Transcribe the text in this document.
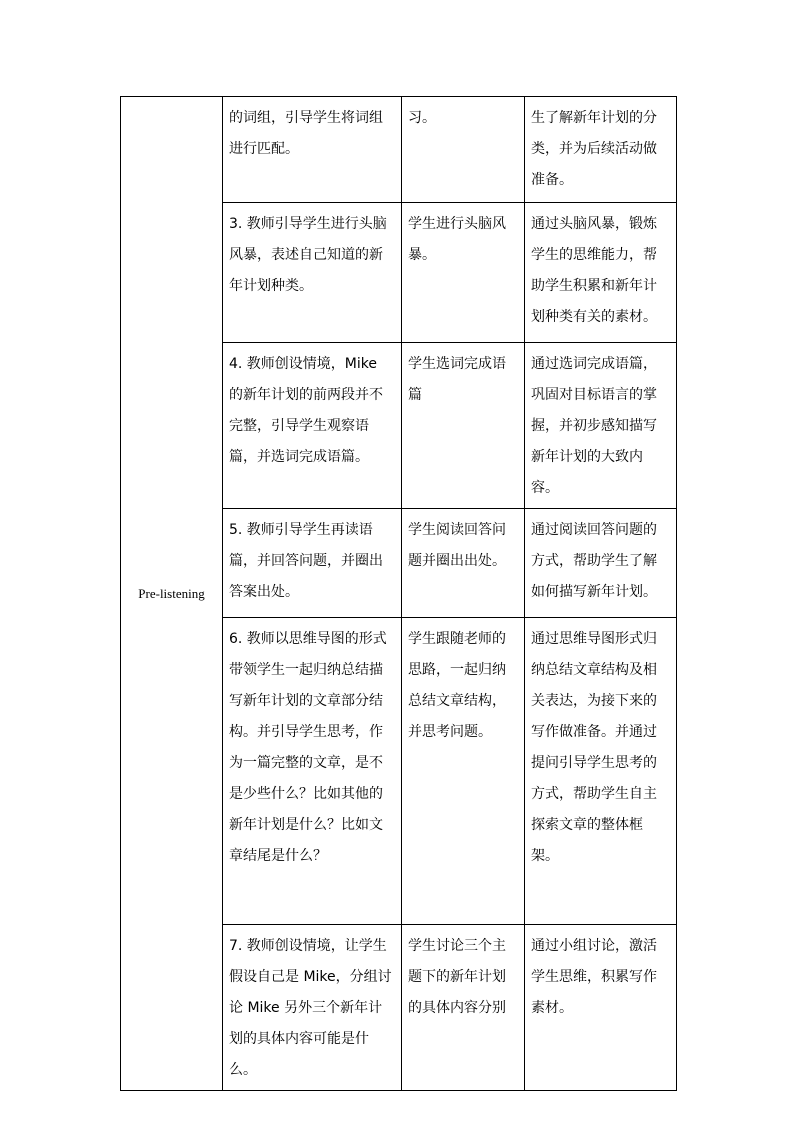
Pre-listening	的词组，引导学生将词组进行匹配。	习。	生了解新年计划的分类，并为后续活动做准备。
	3. 教师引导学生进行头脑风暴，表述自己知道的新年计划种类。	学生进行头脑风暴。	通过头脑风暴，锻炼学生的思维能力，帮助学生积累和新年计划种类有关的素材。
	4. 教师创设情境，Mike 的新年计划的前两段并不完整，引导学生观察语篇，并选词完成语篇。	学生选词完成语篇	通过选词完成语篇，巩固对目标语言的掌握，并初步感知描写新年计划的大致内容。
	5. 教师引导学生再读语篇，并回答问题，并圈出答案出处。	学生阅读回答问题并圈出出处。	通过阅读回答问题的方式，帮助学生了解如何描写新年计划。
	6. 教师以思维导图的形式带领学生一起归纳总结描写新年计划的文章部分结构。并引导学生思考，作为一篇完整的文章，是不是少些什么？比如其他的新年计划是什么？比如文章结尾是什么？	学生跟随老师的思路，一起归纳总结文章结构，并思考问题。	通过思维导图形式归纳总结文章结构及相关表达，为接下来的写作做准备。并通过提问引导学生思考的方式，帮助学生自主探索文章的整体框架。
	7. 教师创设情境，让学生假设自己是 Mike，分组讨论 Mike 另外三个新年计划的具体内容可能是什么。	学生讨论三个主题下的新年计划的具体内容分别	通过小组讨论，激活学生思维，积累写作素材。
